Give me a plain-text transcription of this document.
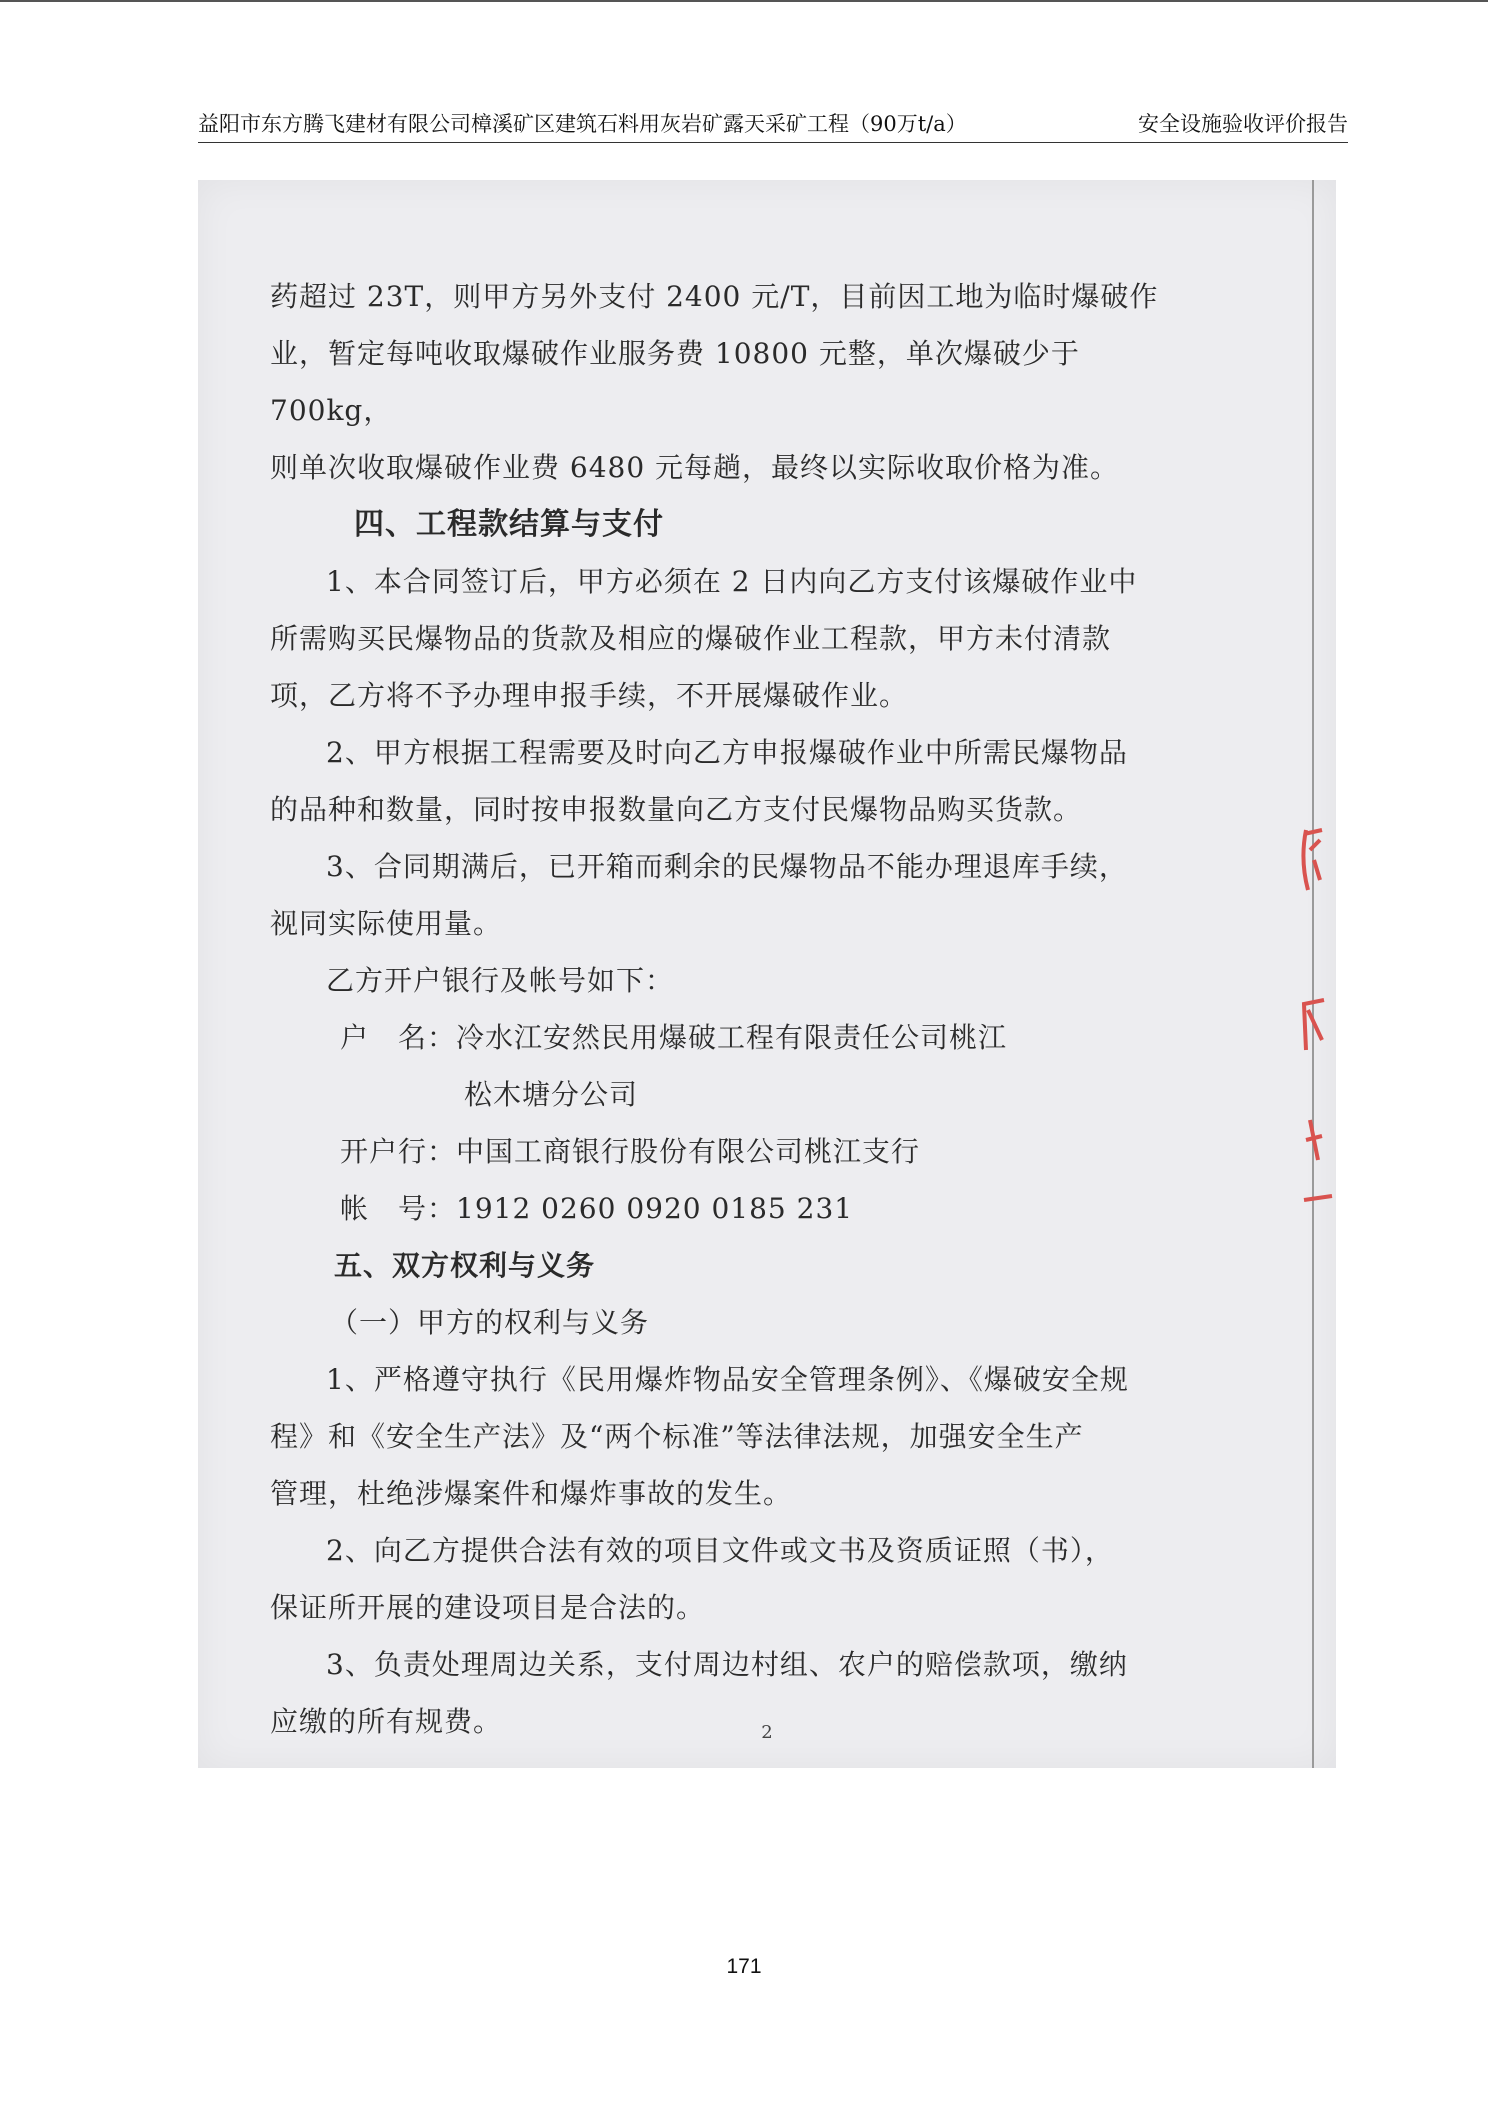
益阳市东方腾飞建材有限公司樟溪矿区建筑石料用灰岩矿露天采矿工程（90万t/a）	安全设施验收评价报告

药超过 23T，则甲方另外支付 2400 元/T，目前因工地为临时爆破作

业，暂定每吨收取爆破作业服务费 10800 元整，单次爆破少于 700kg，

则单次收取爆破作业费 6480 元每趟，最终以实际收取价格为准。

四、工程款结算与支付

1、本合同签订后，甲方必须在 2 日内向乙方支付该爆破作业中

所需购买民爆物品的货款及相应的爆破作业工程款，甲方未付清款

项，乙方将不予办理申报手续，不开展爆破作业。

2、甲方根据工程需要及时向乙方申报爆破作业中所需民爆物品

的品种和数量，同时按申报数量向乙方支付民爆物品购买货款。

3、合同期满后，已开箱而剩余的民爆物品不能办理退库手续，

视同实际使用量。

乙方开户银行及帐号如下：

户　名：冷水江安然民用爆破工程有限责任公司桃江

松木塘分公司

开户行：中国工商银行股份有限公司桃江支行

帐　号：1912 0260 0920 0185 231

五、双方权利与义务

（一）甲方的权利与义务

1、严格遵守执行《民用爆炸物品安全管理条例》、《爆破安全规

程》和《安全生产法》及“两个标准”等法律法规，加强安全生产

管理，杜绝涉爆案件和爆炸事故的发生。

2、向乙方提供合法有效的项目文件或文书及资质证照（书），

保证所开展的建设项目是合法的。

3、负责处理周边关系，支付周边村组、农户的赔偿款项，缴纳

应缴的所有规费。	2
171
